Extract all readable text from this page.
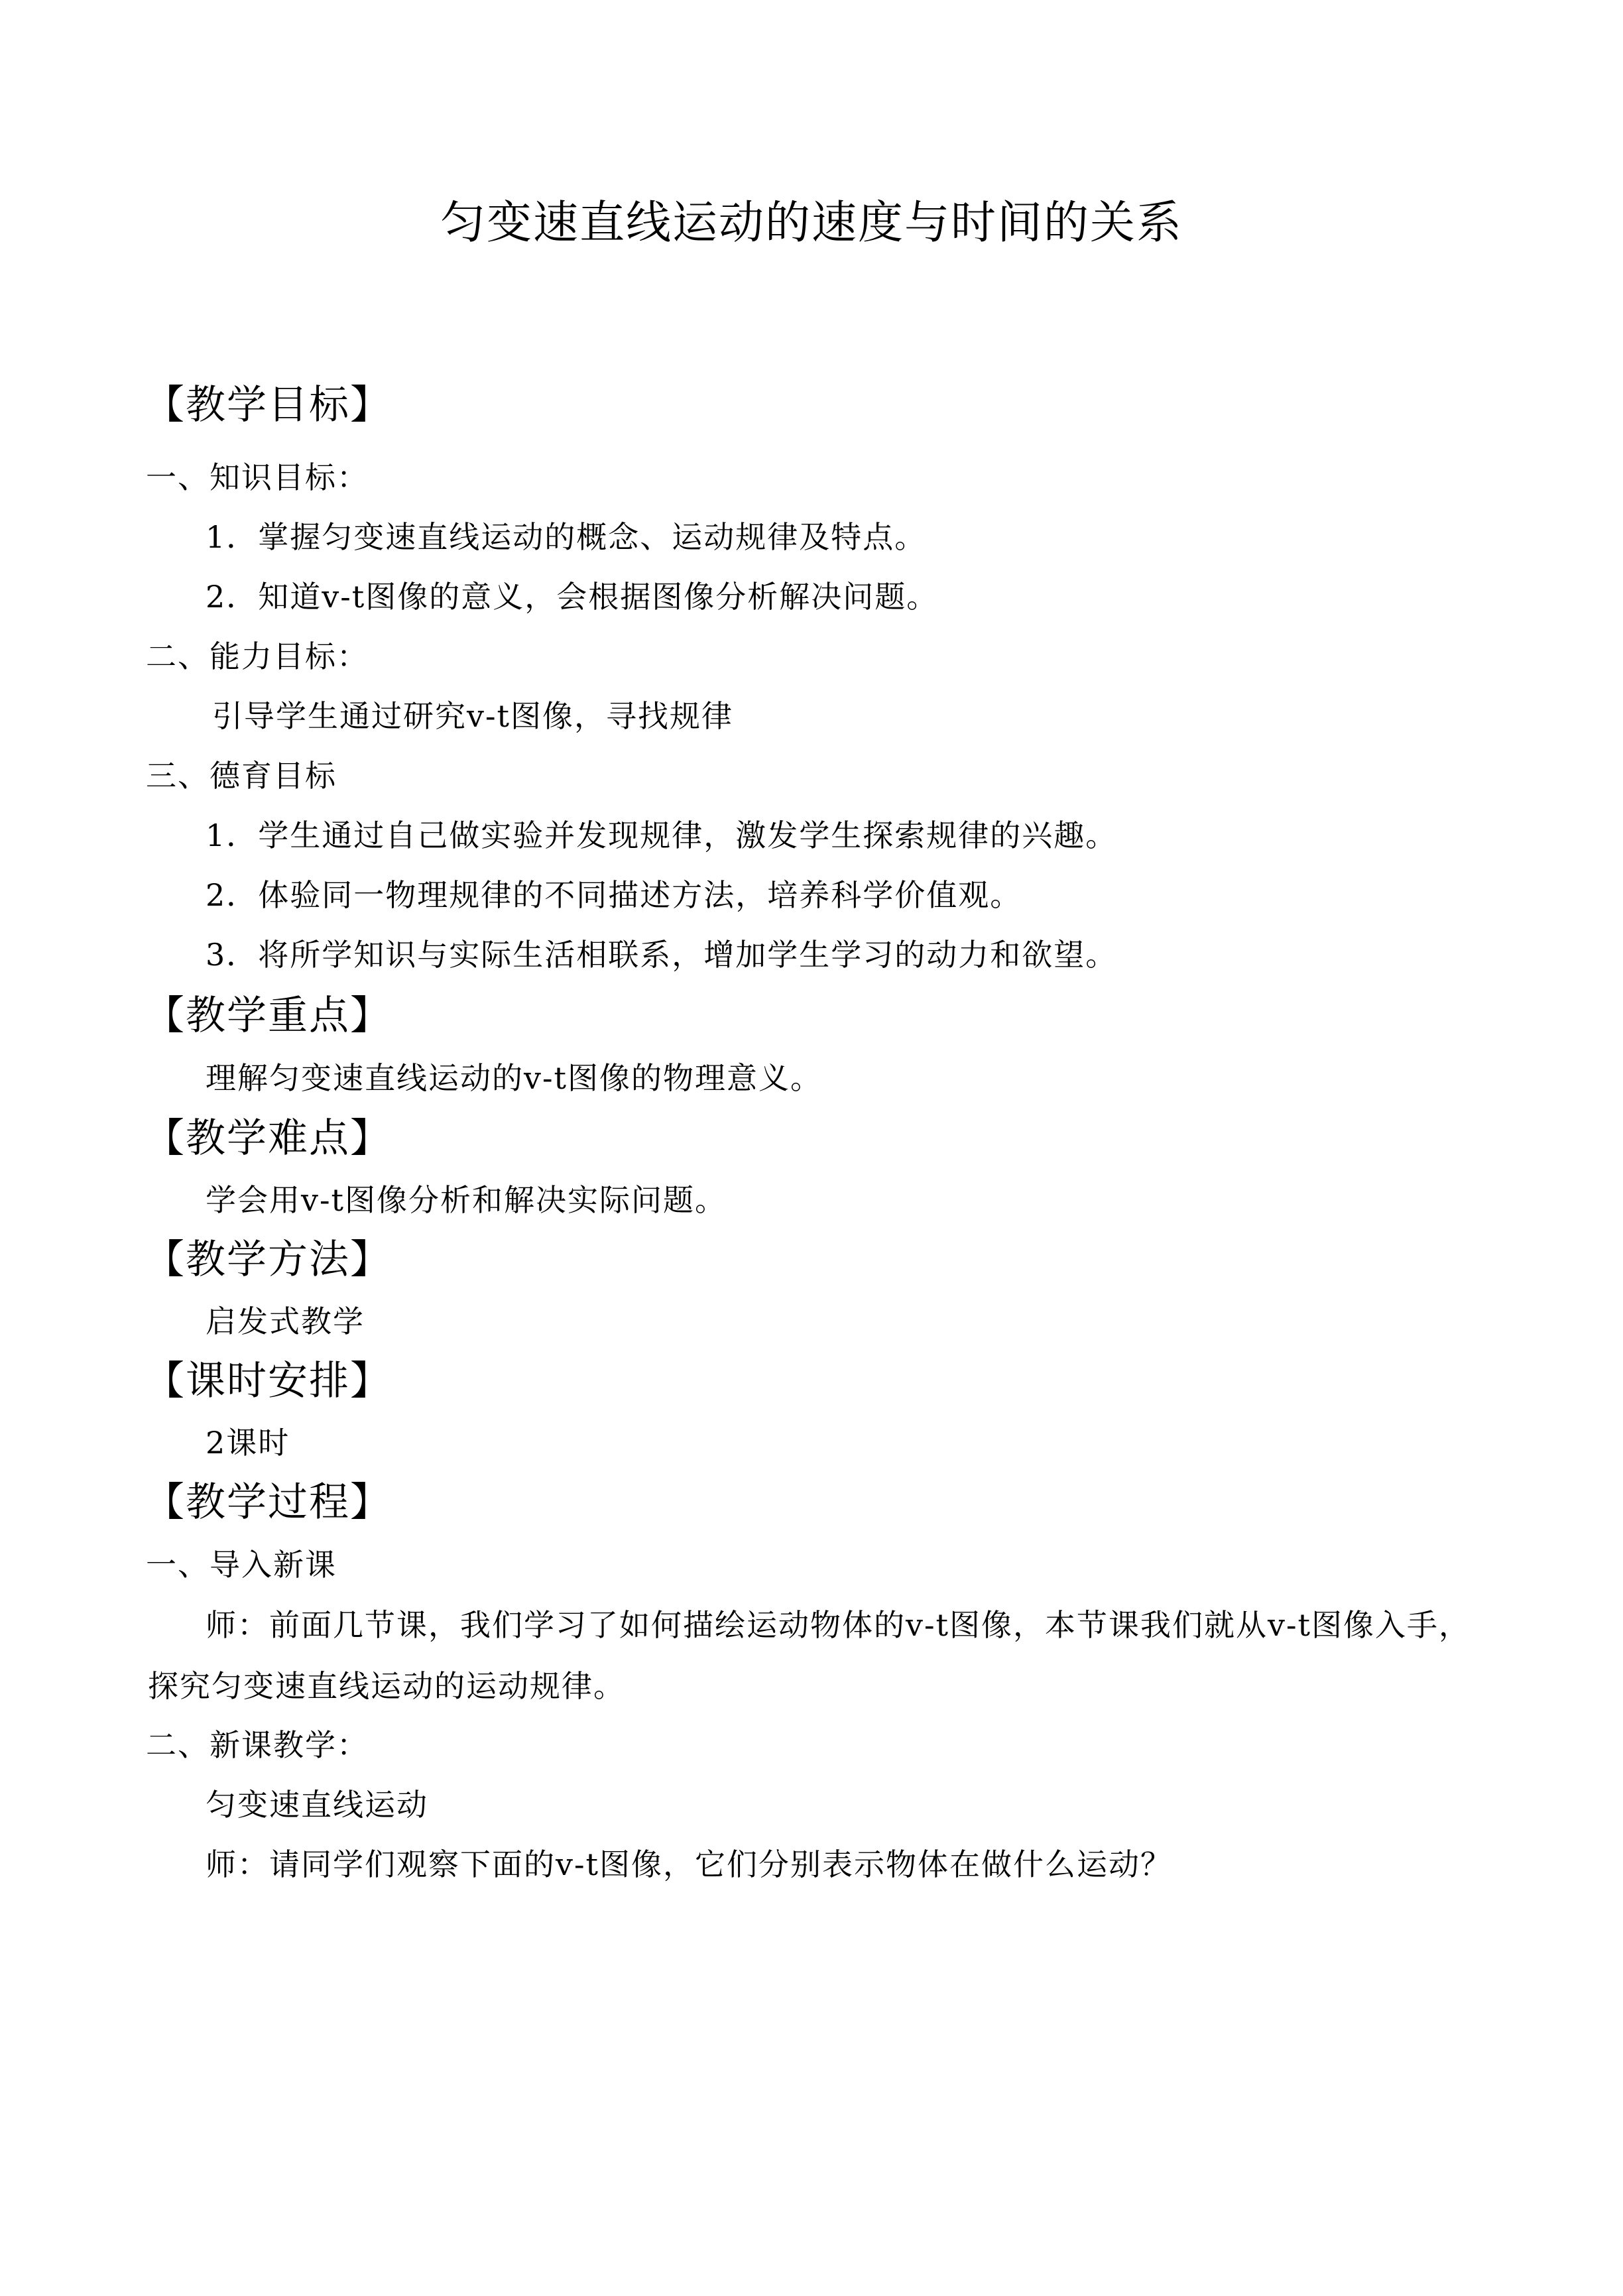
匀变速直线运动的速度与时间的关系
【教学目标】
一、知识目标：
1．掌握匀变速直线运动的概念、运动规律及特点。
2．知道v-t图像的意义，会根据图像分析解决问题。
二、能力目标：
引导学生通过研究v-t图像，寻找规律
三、德育目标
1．学生通过自己做实验并发现规律，激发学生探索规律的兴趣。
2．体验同一物理规律的不同描述方法，培养科学价值观。
3．将所学知识与实际生活相联系，增加学生学习的动力和欲望。
【教学重点】
理解匀变速直线运动的v-t图像的物理意义。
【教学难点】
学会用v-t图像分析和解决实际问题。
【教学方法】
启发式教学
【课时安排】
2课时
【教学过程】
一、导入新课
师：前面几节课，我们学习了如何描绘运动物体的v-t图像，本节课我们就从v-t图像入手，
探究匀变速直线运动的运动规律。
二、新课教学：
匀变速直线运动
师：请同学们观察下面的v-t图像，它们分别表示物体在做什么运动？
